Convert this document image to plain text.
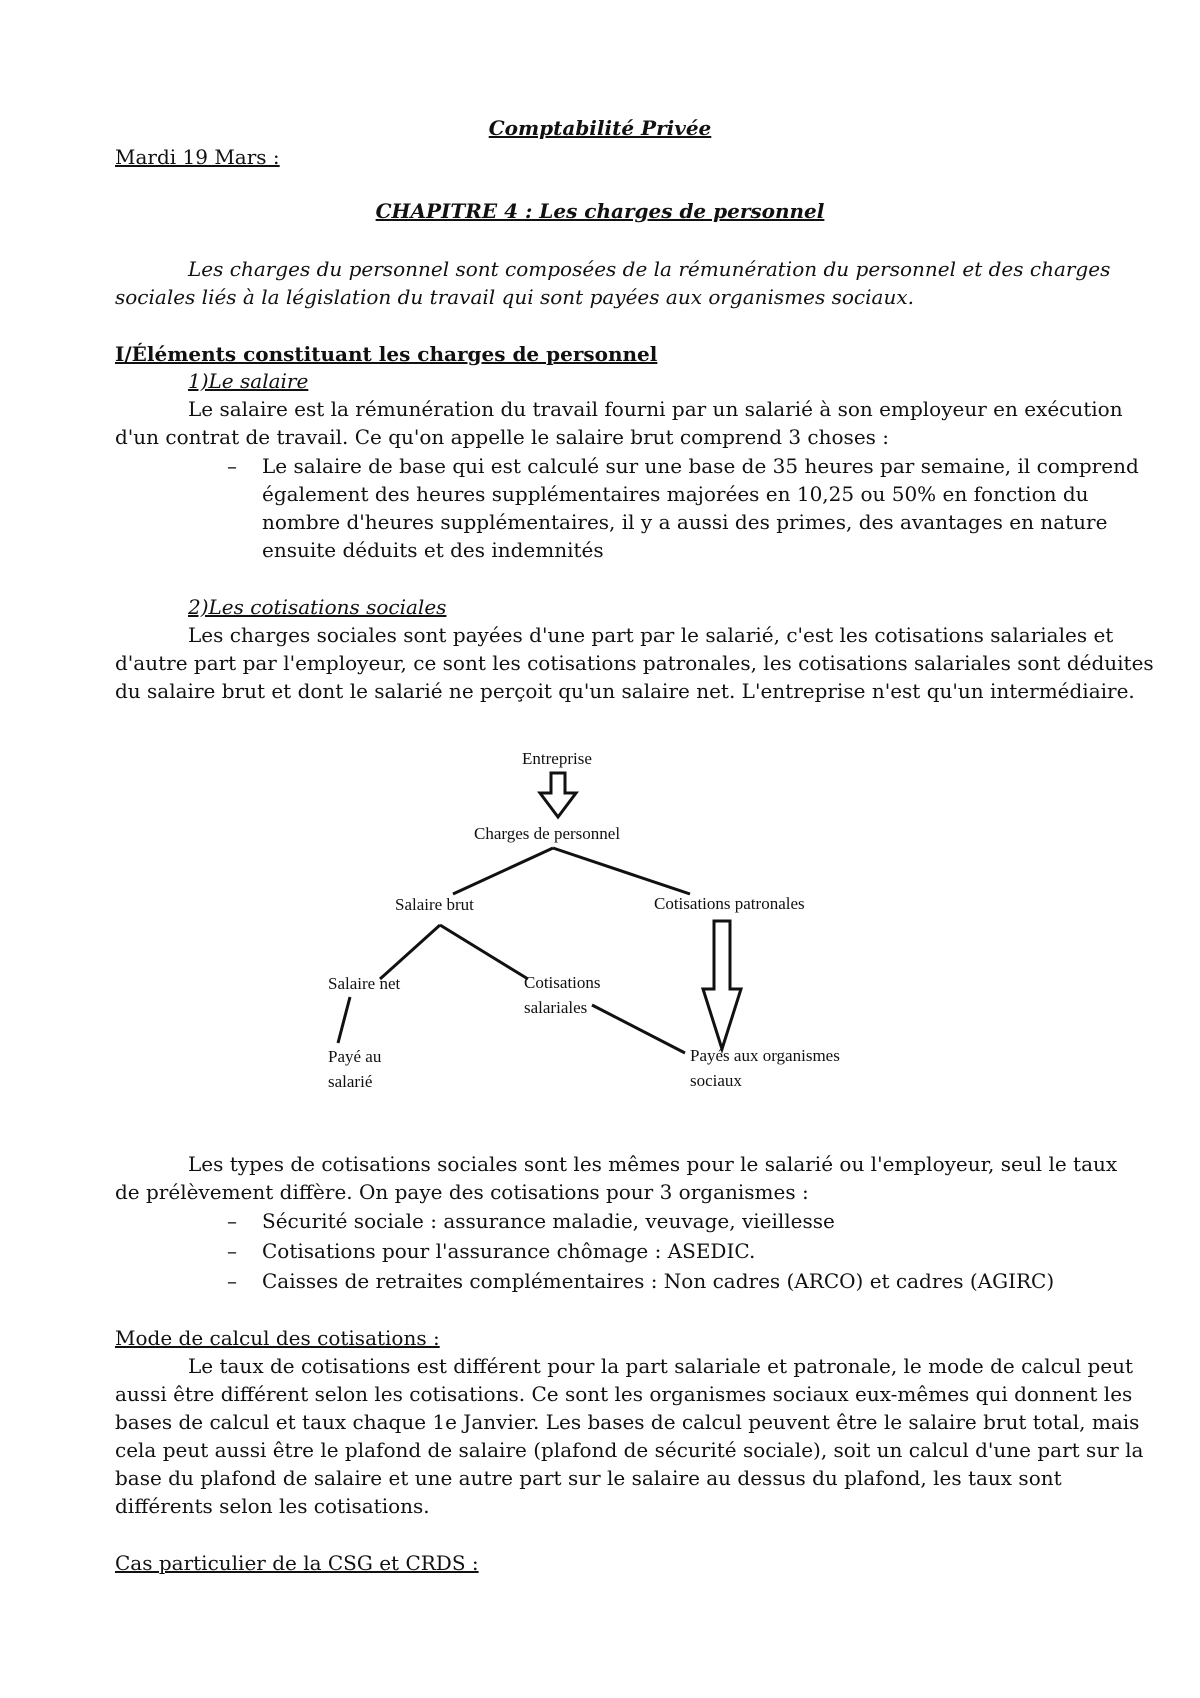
Comptabilité Privée

Mardi 19 Mars :

CHAPITRE 4 : Les charges de personnel

Les charges du personnel sont composées de la rémunération du personnel et des charges

sociales liés à la législation du travail qui sont payées aux organismes sociaux.

I/Éléments constituant les charges de personnel

1)Le salaire

Le salaire est la rémunération du travail fourni par un salarié à son employeur en exécution

d'un contrat de travail. Ce qu'on appelle le salaire brut comprend 3 choses :

– Le salaire de base qui est calculé sur une base de 35 heures par semaine, il comprend

également des heures supplémentaires majorées en 10,25 ou 50% en fonction du

nombre d'heures supplémentaires, il y a aussi des primes, des avantages en nature

ensuite déduits et des indemnités

2)Les cotisations sociales

Les charges sociales sont payées d'une part par le salarié, c'est les cotisations salariales et

d'autre part par l'employeur, ce sont les cotisations patronales, les cotisations salariales sont déduites

du salaire brut et dont le salarié ne perçoit qu'un salaire net. L'entreprise n'est qu'un intermédiaire.

Entreprise
Charges de personnel
Salaire brut	Cotisations patronales
Salaire net	Cotisations
salariales
Payé au
salarié
Payés aux organismes
sociaux

Les types de cotisations sociales sont les mêmes pour le salarié ou l'employeur, seul le taux

de prélèvement diffère. On paye des cotisations pour 3 organismes :

– Sécurité sociale : assurance maladie, veuvage, vieillesse

– Cotisations pour l'assurance chômage : ASEDIC.

– Caisses de retraites complémentaires : Non cadres (ARCO) et cadres (AGIRC)

Mode de calcul des cotisations :

Le taux de cotisations est différent pour la part salariale et patronale, le mode de calcul peut

aussi être différent selon les cotisations. Ce sont les organismes sociaux eux-mêmes qui donnent les

bases de calcul et taux chaque 1e Janvier. Les bases de calcul peuvent être le salaire brut total, mais

cela peut aussi être le plafond de salaire (plafond de sécurité sociale), soit un calcul d'une part sur la

base du plafond de salaire et une autre part sur le salaire au dessus du plafond, les taux sont

différents selon les cotisations.

Cas particulier de la CSG et CRDS :
